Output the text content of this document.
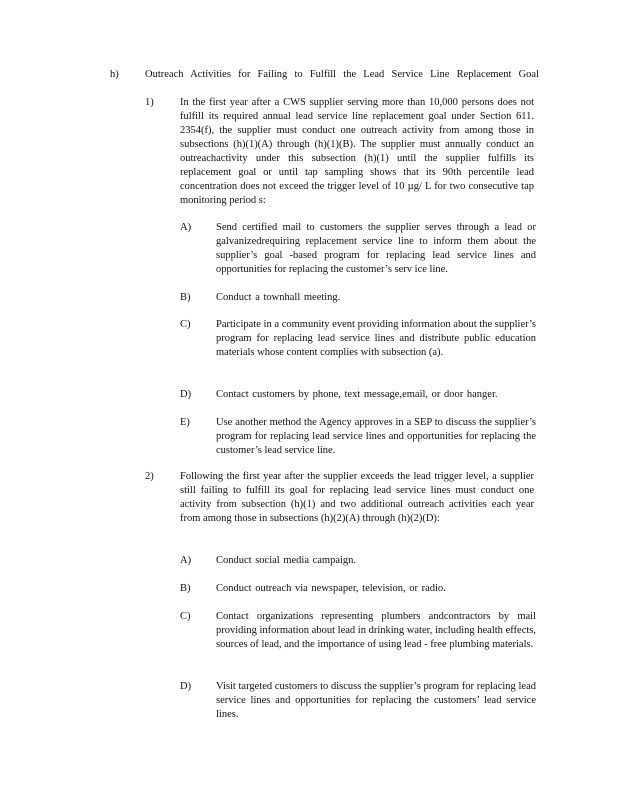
h)	Outreach Activities for Failing to Fulfill the Lead Service Line Replacement Goal
1)	In the first year after a CWS supplier serving more than 10,000 persons does not fulfill its required annual lead service line replacement goal under Section 611. 2354(f), the supplier must conduct one outreach activity from among those in subsections (h)(1)(A) through (h)(1)(B). The supplier must annually conduct an outreachactivity under this subsection (h)(1) until the supplier fulfills its replacement goal or until tap sampling shows that its 90th percentile lead concentration does not exceed the trigger level of 10 µg/ L for two consecutive tap monitoring period s:
A) Send certified mail to customers the supplier serves through a lead or galvanizedrequiring replacement service line to inform them about the supplier’s goal -based program for replacing lead service lines and opportunities for replacing the customer’s serv ice line.
B) Conduct a townhall meeting.
C) Participate in a community event providing information about the supplier’s program for replacing lead service lines and distribute public education materials whose content complies with subsection (a).
D) Contact customers by phone, text message,email, or door hanger.
E) Use another method the Agency approves in a SEP to discuss the supplier’s program for replacing lead service lines and opportunities for replacing the customer’s lead service line.
2)	Following the first year after the supplier exceeds the lead trigger level, a supplier still failing to fulfill its goal for replacing lead service lines must conduct one activity from subsection (h)(1) and two additional outreach activities each year from among those in subsections (h)(2)(A) through (h)(2)(D):
A) Conduct social media campaign.
B) Conduct outreach via newspaper, television, or radio.
C) Contact organizations representing plumbers andcontractors by mail providing information about lead in drinking water, including health effects, sources of lead, and the importance of using lead - free plumbing materials.
D) Visit targeted customers to discuss the supplier’s program for replacing lead service lines and opportunities for replacing the customers’ lead service lines.
